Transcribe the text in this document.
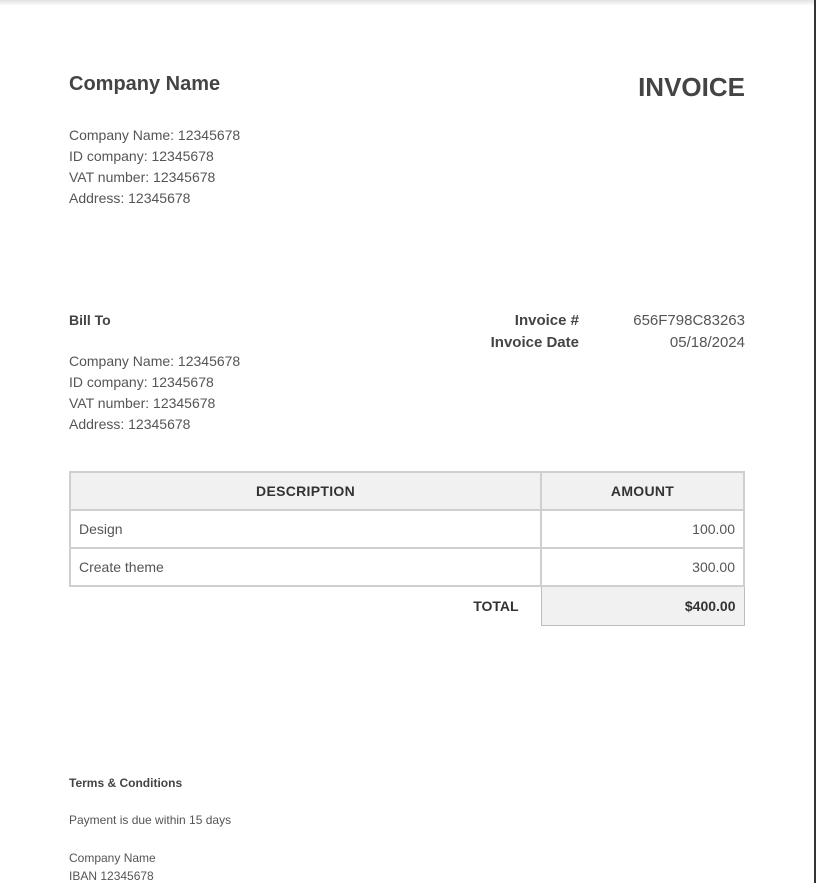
Company Name	INVOICE
Company Name: 12345678
ID company: 12345678
VAT number: 12345678
Address: 12345678
Bill To
Company Name: 12345678
ID company: 12345678
VAT number: 12345678
Address: 12345678
Invoice #	656F798C83263
Invoice Date	05/18/2024
DESCRIPTION	AMOUNT
Design	100.00
Create theme	300.00
TOTAL	$400.00
Terms & Conditions
Payment is due within 15 days
Company Name
IBAN 12345678
